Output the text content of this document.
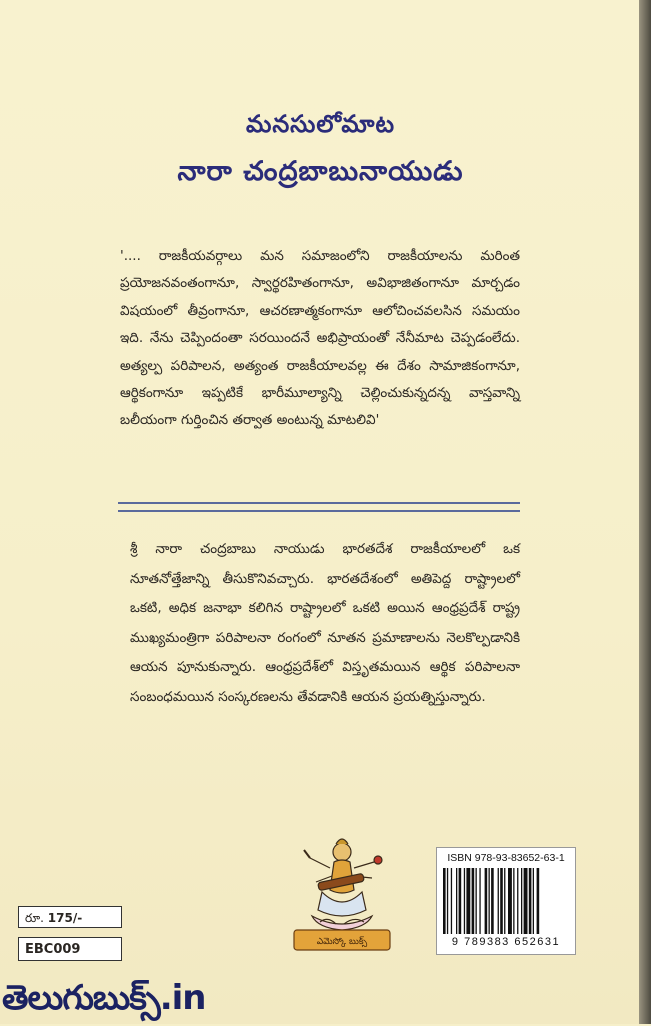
మనసులోమాట
నారా చంద్రబాబునాయుడు

'.... రాజకీయవర్గాలు మన సమాజంలోని రాజకీయాలను మరింత ప్రయోజనవంతంగానూ, స్వార్థరహితంగానూ, అవిభాజితంగానూ మార్చడం విషయంలో తీవ్రంగానూ, ఆచరణాత్మకంగానూ ఆలోచించవలసిన సమయం ఇది. నేను చెప్పిందంతా సరయిందనే అభిప్రాయంతో నేనీమాట చెప్పడంలేదు. అత్యల్ప పరిపాలన, అత్యంత రాజకీయాలవల్ల ఈ దేశం సామాజికంగానూ, ఆర్థికంగానూ ఇప్పటికే భారీమూల్యాన్ని చెల్లించుకున్నదన్న వాస్తవాన్ని బలీయంగా గుర్తించిన తర్వాత అంటున్న మాటలివి'

శ్రీ నారా చంద్రబాబు నాయుడు భారతదేశ రాజకీయాలలో ఒక నూతనోత్తేజాన్ని తీసుకొనివచ్చారు. భారతదేశంలో అతిపెద్ద రాష్ట్రాలలో ఒకటి, అధిక జనాభా కలిగిన రాష్ట్రాలలో ఒకటి అయిన ఆంధ్రప్రదేశ్ రాష్ట్ర ముఖ్యమంత్రిగా పరిపాలనా రంగంలో నూతన ప్రమాణాలను నెలకొల్పడానికి ఆయన పూనుకున్నారు. ఆంధ్రప్రదేశ్‌లో విస్తృతమయిన ఆర్థిక పరిపాలనా సంబంధమయిన సంస్కరణలను తేవడానికి ఆయన ప్రయత్నిస్తున్నారు.

రూ. 175/-
EBC009	ఎమెస్కో బుక్స్
ISBN 978-93-83652-63-1
9 789383 652631

తెలుగుబుక్స్.in
